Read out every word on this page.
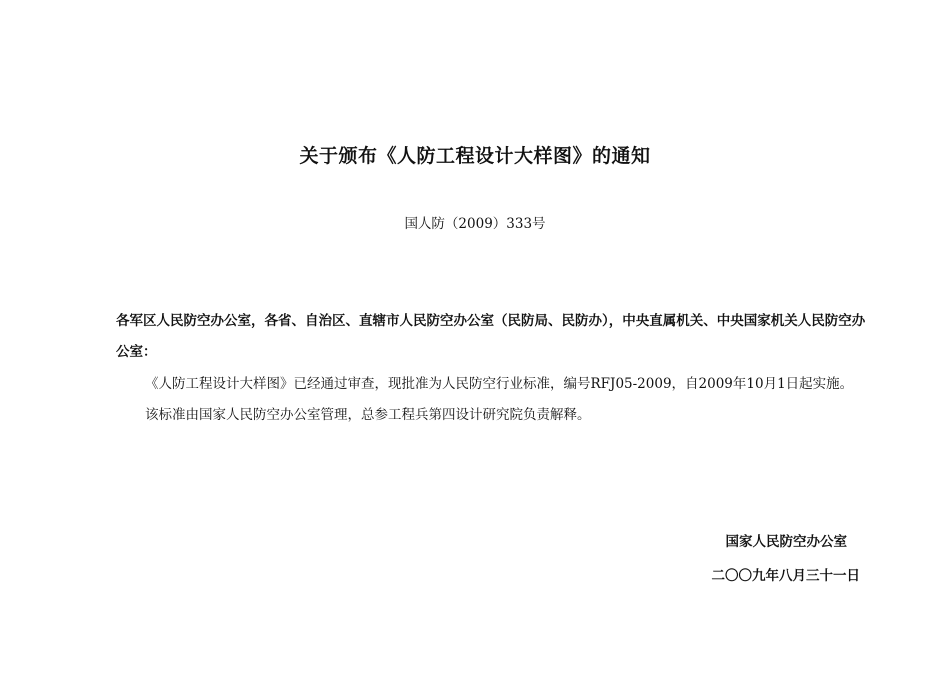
关于颁布《人防工程设计大样图》的通知
国人防（2009）333号
各军区人民防空办公室，各省、自治区、直辖市人民防空办公室（民防局、民防办），中央直属机关、中央国家机关人民防空办公室：
《人防工程设计大样图》已经通过审查，现批准为人民防空行业标准，编号RFJ05-2009，自2009年10月1日起实施。
该标准由国家人民防空办公室管理，总参工程兵第四设计研究院负责解释。
国家人民防空办公室
二〇〇九年八月三十一日
